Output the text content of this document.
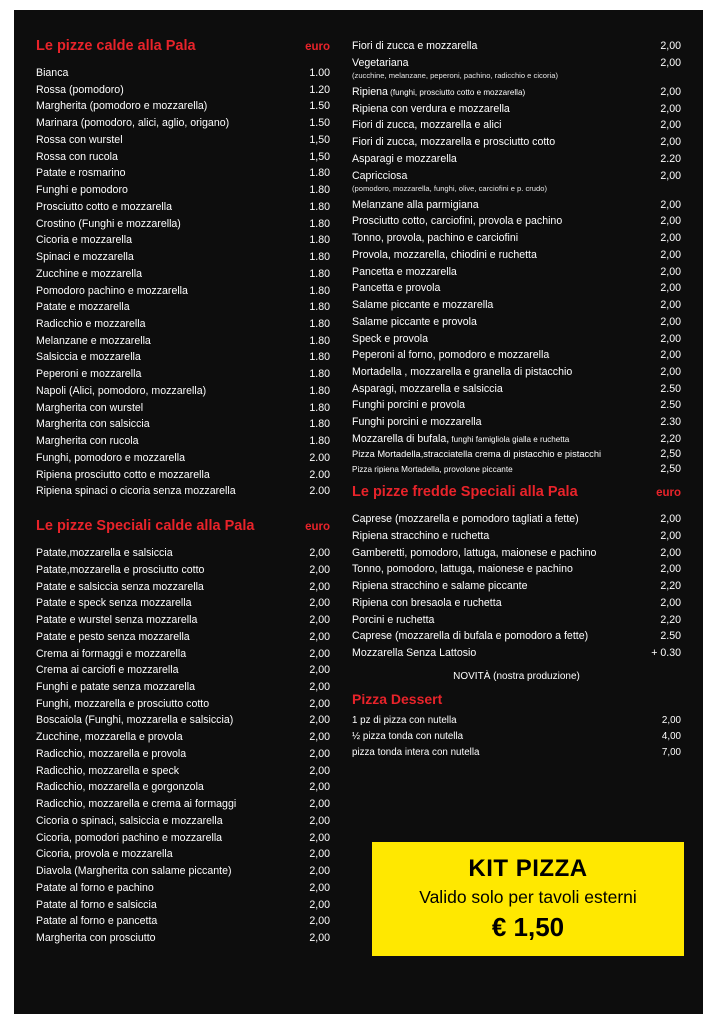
Le pizze calde alla Pala	euro
Bianca	1.00
Rossa (pomodoro)	1.20
Margherita (pomodoro e mozzarella)	1.50
Marinara (pomodoro, alici, aglio, origano)	1.50
Rossa con wurstel	1,50
Rossa con rucola	1,50
Patate e rosmarino	1.80
Funghi e pomodoro	1.80
Prosciutto cotto e mozzarella	1.80
Crostino (Funghi e mozzarella)	1.80
Cicoria e mozzarella	1.80
Spinaci e mozzarella	1.80
Zucchine e mozzarella	1.80
Pomodoro pachino e mozzarella	1.80
Patate e mozzarella	1.80
Radicchio e mozzarella	1.80
Melanzane e mozzarella	1.80
Salsiccia e mozzarella	1.80
Peperoni e mozzarella	1.80
Napoli (Alici, pomodoro, mozzarella)	1.80
Margherita con wurstel	1.80
Margherita con salsiccia	1.80
Margherita con rucola	1.80
Funghi, pomodoro e mozzarella	2.00
Ripiena prosciutto cotto e mozzarella	2.00
Ripiena spinaci o cicoria senza mozzarella	2.00
Le pizze Speciali calde alla Pala	euro
Patate,mozzarella e salsiccia	2,00
Patate,mozzarella e prosciutto cotto	2,00
Patate e salsiccia senza mozzarella	2,00
Patate e speck senza mozzarella	2,00
Patate e wurstel senza mozzarella	2,00
Patate e pesto senza mozzarella	2,00
Crema ai formaggi e mozzarella	2,00
Crema ai carciofi e mozzarella	2,00
Funghi e patate senza mozzarella	2,00
Funghi, mozzarella e prosciutto cotto	2,00
Boscaiola (Funghi, mozzarella e salsiccia)	2,00
Zucchine, mozzarella e provola	2,00
Radicchio, mozzarella e provola	2,00
Radicchio, mozzarella e speck	2,00
Radicchio, mozzarella e gorgonzola	2,00
Radicchio, mozzarella e crema ai formaggi	2,00
Cicoria o spinaci, salsiccia e mozzarella	2,00
Cicoria, pomodori pachino e mozzarella	2,00
Cicoria, provola e mozzarella	2,00
Diavola (Margherita con salame piccante)	2,00
Patate al forno e pachino	2,00
Patate al forno e salsiccia	2,00
Patate al forno e pancetta	2,00
Margherita con prosciutto	2,00
Fiori di zucca e mozzarella	2,00
Vegetariana	2,00
(zucchine, melanzane, peperoni, pachino, radicchio e cicoria)
Ripiena (funghi, prosciutto cotto e mozzarella)	2,00
Ripiena con verdura e mozzarella	2,00
Fiori di zucca, mozzarella e alici	2,00
Fiori di zucca, mozzarella e prosciutto cotto	2,00
Asparagi e mozzarella	2.20
Capricciosa	2,00
(pomodoro, mozzarella, funghi, olive, carciofini e p. crudo)
Melanzane alla parmigiana	2,00
Prosciutto cotto, carciofini, provola e pachino	2,00
Tonno, provola, pachino e carciofini	2,00
Provola, mozzarella, chiodini e ruchetta	2,00
Pancetta e mozzarella	2,00
Pancetta e provola	2,00
Salame piccante e mozzarella	2,00
Salame piccante e provola	2,00
Speck e provola	2,00
Peperoni al forno, pomodoro e mozzarella	2,00
Mortadella , mozzarella e granella di pistacchio	2,00
Asparagi, mozzarella e salsiccia	2.50
Funghi porcini e provola	2.50
Funghi porcini e mozzarella	2.30
Mozzarella di bufala, funghi famigliola gialla e ruchetta	2,20
Pizza Mortadella,stracciatella crema di pistacchio e pistacchi	2,50
Pizza ripiena Mortadella, provolone piccante	2,50
Le pizze fredde Speciali alla Pala	euro
Caprese (mozzarella e pomodoro tagliati a fette)	2,00
Ripiena stracchino e ruchetta	2,00
Gamberetti, pomodoro, lattuga, maionese e pachino	2,00
Tonno, pomodoro, lattuga, maionese e pachino	2,00
Ripiena stracchino e salame piccante	2,20
Ripiena con bresaola e ruchetta	2,00
Porcini e ruchetta	2,20
Caprese (mozzarella di bufala e pomodoro a fette)	2.50
Mozzarella Senza Lattosio	+ 0.30
NOVITÀ (nostra produzione)
Pizza Dessert
1 pz di pizza con nutella	2,00
½ pizza tonda con nutella	4,00
pizza tonda intera con nutella	7,00
KIT PIZZA
Valido solo per tavoli esterni
€ 1,50
